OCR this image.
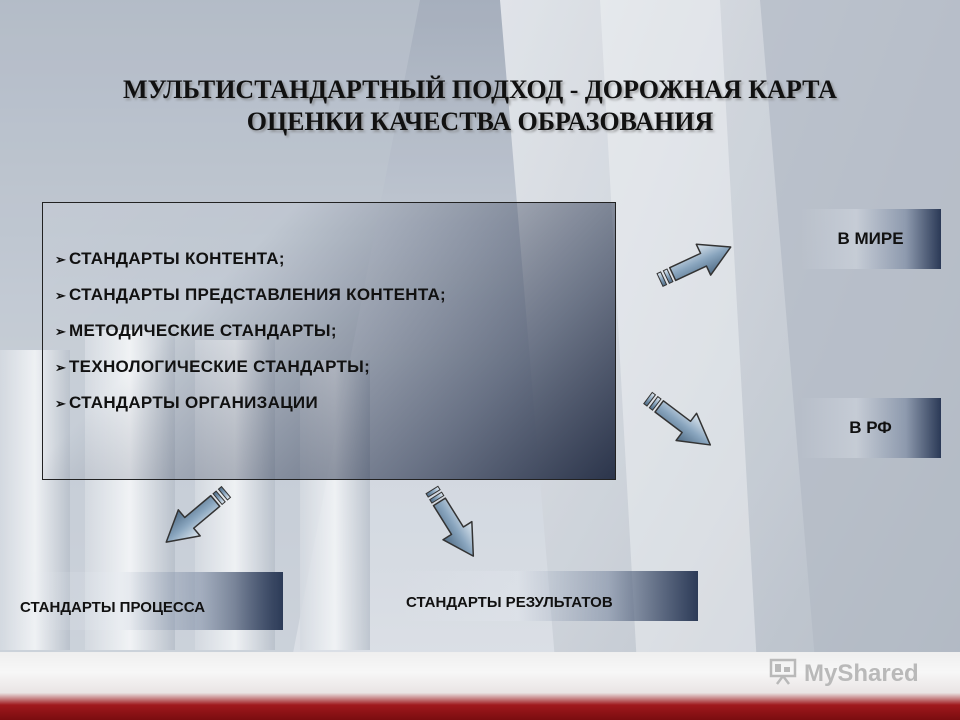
МУЛЬТИСТАНДАРТНЫЙ ПОДХОД - ДОРОЖНАЯ КАРТА
ОЦЕНКИ КАЧЕСТВА ОБРАЗОВАНИЯ
➢ СТАНДАРТЫ КОНТЕНТА;
➢ СТАНДАРТЫ ПРЕДСТАВЛЕНИЯ КОНТЕНТА;
➢ МЕТОДИЧЕСКИЕ СТАНДАРТЫ;
➢ ТЕХНОЛОГИЧЕСКИЕ СТАНДАРТЫ;
➢ СТАНДАРТЫ ОРГАНИЗАЦИИ
В МИРЕ
В РФ
СТАНДАРТЫ ПРОЦЕССА	СТАНДАРТЫ РЕЗУЛЬТАТОВ
MyShared
